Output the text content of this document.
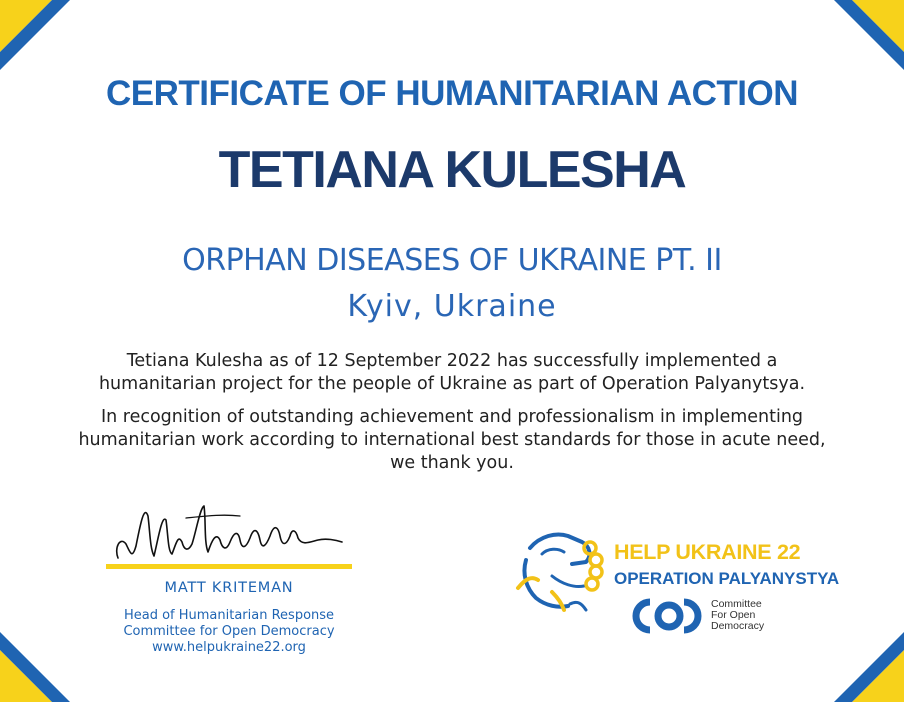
CERTIFICATE OF HUMANITARIAN ACTION
TETIANA KULESHA
ORPHAN DISEASES OF UKRAINE PT. II
Kyiv, Ukraine
Tetiana Kulesha as of 12 September 2022 has successfully implemented a humanitarian project for the people of Ukraine as part of Operation Palyanytsya.
In recognition of outstanding achievement and professionalism in implementing humanitarian work according to international best standards for those in acute need, we thank you.
MATT KRITEMAN
Head of Humanitarian Response
Committee for Open Democracy
www.helpukraine22.org
HELP UKRAINE 22
OPERATION PALYANYSTYA
Committee
For Open
Democracy
